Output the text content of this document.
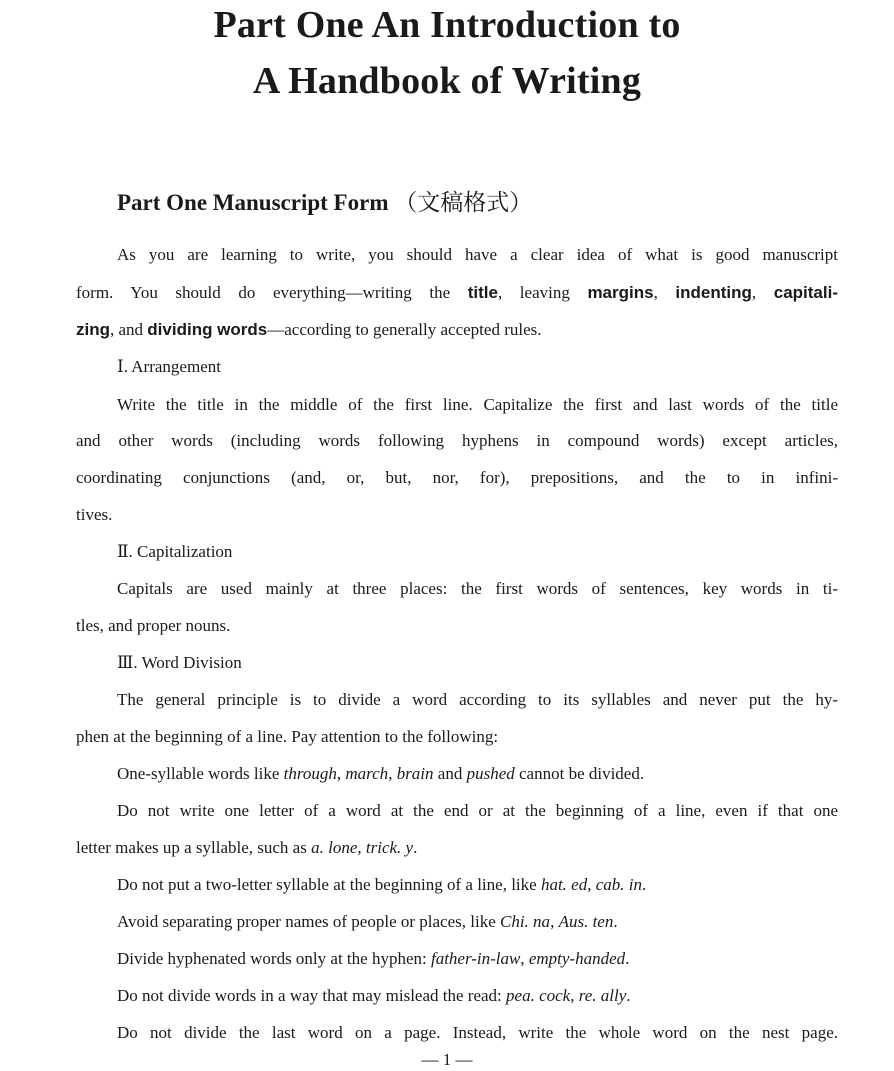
Part One An Introduction to
A Handbook of Writing
Part One Manuscript Form （文稿格式）
As you are learning to write, you should have a clear idea of what is good manuscript
form. You should do everything—writing the title, leaving margins, indenting, capitali-
zing, and dividing words—according to generally accepted rules.
Ⅰ. Arrangement
Write the title in the middle of the first line. Capitalize the first and last words of the title
and other words (including words following hyphens in compound words) except articles,
coordinating conjunctions (and, or, but, nor, for), prepositions, and the to in infini-
tives.
Ⅱ. Capitalization
Capitals are used mainly at three places: the first words of sentences, key words in ti-
tles, and proper nouns.
Ⅲ. Word Division
The general principle is to divide a word according to its syllables and never put the hy-
phen at the beginning of a line. Pay attention to the following:
One-syllable words like through, march, brain and pushed cannot be divided.
Do not write one letter of a word at the end or at the beginning of a line, even if that one
letter makes up a syllable, such as a. lone, trick. y.
Do not put a two-letter syllable at the beginning of a line, like hat. ed, cab. in.
Avoid separating proper names of people or places, like Chi. na, Aus. ten.
Divide hyphenated words only at the hyphen: father-in-law, empty-handed.
Do not divide words in a way that may mislead the read: pea. cock, re. ally.
Do not divide the last word on a page. Instead, write the whole word on the nest page.
— 1 —
